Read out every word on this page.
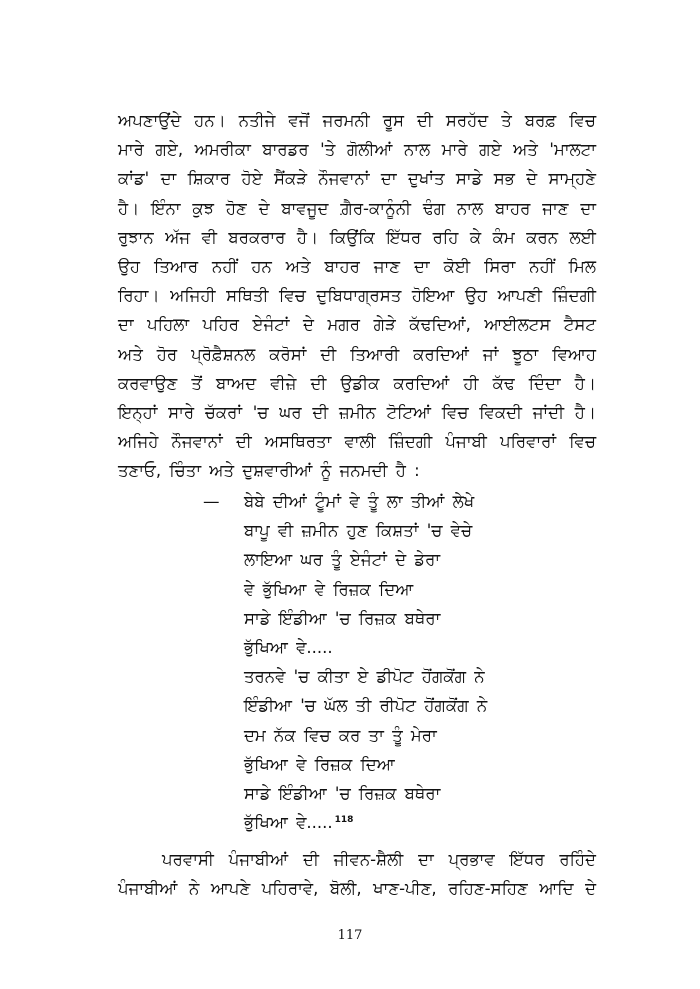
ਅਪਣਾਉਂਦੇ ਹਨ। ਨਤੀਜੇ ਵਜੋਂ ਜਰਮਨੀ ਰੂਸ ਦੀ ਸਰਹੱਦ ਤੇ ਬਰਫ਼ ਵਿਚ
ਮਾਰੇ ਗਏ, ਅਮਰੀਕਾ ਬਾਰਡਰ 'ਤੇ ਗੋਲੀਆਂ ਨਾਲ ਮਾਰੇ ਗਏ ਅਤੇ 'ਮਾਲਟਾ
ਕਾਂਡ' ਦਾ ਸ਼ਿਕਾਰ ਹੋਏ ਸੈਂਕੜੇ ਨੌਜਵਾਨਾਂ ਦਾ ਦੁਖਾਂਤ ਸਾਡੇ ਸਭ ਦੇ ਸਾਮ੍ਹਣੇ
ਹੈ। ਇੰਨਾ ਕੁਝ ਹੋਣ ਦੇ ਬਾਵਜੂਦ ਗ਼ੈਰ-ਕਾਨੂੰਨੀ ਢੰਗ ਨਾਲ ਬਾਹਰ ਜਾਣ ਦਾ
ਰੁਝਾਨ ਅੱਜ ਵੀ ਬਰਕਰਾਰ ਹੈ। ਕਿਉਂਕਿ ਇੱਧਰ ਰਹਿ ਕੇ ਕੰਮ ਕਰਨ ਲਈ
ਉਹ ਤਿਆਰ ਨਹੀਂ ਹਨ ਅਤੇ ਬਾਹਰ ਜਾਣ ਦਾ ਕੋਈ ਸਿਰਾ ਨਹੀਂ ਮਿਲ
ਰਿਹਾ। ਅਜਿਹੀ ਸਥਿਤੀ ਵਿਚ ਦੁਬਿਧਾਗ੍ਰਸਤ ਹੋਇਆ ਉਹ ਆਪਣੀ ਜ਼ਿੰਦਗੀ
ਦਾ ਪਹਿਲਾ ਪਹਿਰ ਏਜੰਟਾਂ ਦੇ ਮਗਰ ਗੇੜੇ ਕੱਢਦਿਆਂ, ਆਈਲਟਸ ਟੈਸਟ
ਅਤੇ ਹੋਰ ਪ੍ਰੋਫ਼ੈਸ਼ਨਲ ਕਰੋਸਾਂ ਦੀ ਤਿਆਰੀ ਕਰਦਿਆਂ ਜਾਂ ਝੂਠਾ ਵਿਆਹ
ਕਰਵਾਉਣ ਤੋਂ ਬਾਅਦ ਵੀਜ਼ੇ ਦੀ ਉਡੀਕ ਕਰਦਿਆਂ ਹੀ ਕੱਢ ਦਿੰਦਾ ਹੈ।
ਇਨ੍ਹਾਂ ਸਾਰੇ ਚੱਕਰਾਂ 'ਚ ਘਰ ਦੀ ਜ਼ਮੀਨ ਟੋਟਿਆਂ ਵਿਚ ਵਿਕਦੀ ਜਾਂਦੀ ਹੈ।
ਅਜਿਹੇ ਨੌਜਵਾਨਾਂ ਦੀ ਅਸਥਿਰਤਾ ਵਾਲੀ ਜ਼ਿੰਦਗੀ ਪੰਜਾਬੀ ਪਰਿਵਾਰਾਂ ਵਿਚ
ਤਣਾਓ, ਚਿੰਤਾ ਅਤੇ ਦੁਸ਼ਵਾਰੀਆਂ ਨੂੰ ਜਨਮਦੀ ਹੈ :
— ਬੇਬੇ ਦੀਆਂ ਟੂੰਮਾਂ ਵੇ ਤੂੰ ਲਾ ਤੀਆਂ ਲੇਖੇ
ਬਾਪੂ ਵੀ ਜ਼ਮੀਨ ਹੁਣ ਕਿਸ਼ਤਾਂ 'ਚ ਵੇਚੇ
ਲਾਇਆ ਘਰ ਤੂੰ ਏਜੰਟਾਂ ਦੇ ਡੇਰਾ
ਵੇ ਭੁੱਖਿਆ ਵੇ ਰਿਜ਼ਕ ਦਿਆ
ਸਾਡੇ ਇੰਡੀਆ 'ਚ ਰਿਜ਼ਕ ਬਥੇਰਾ
ਭੁੱਖਿਆ ਵੇ.....
ਤਰਨਵੇ 'ਚ ਕੀਤਾ ਏ ਡੀਪੋਟ ਹੋਂਗਕੋਂਗ ਨੇ
ਇੰਡੀਆ 'ਚ ਘੱਲ ਤੀ ਰੀਪੋਟ ਹੋਂਗਕੋਂਗ ਨੇ
ਦਮ ਨੱਕ ਵਿਚ ਕਰ ਤਾ ਤੂੰ ਮੇਰਾ
ਭੁੱਖਿਆ ਵੇ ਰਿਜ਼ਕ ਦਿਆ
ਸਾਡੇ ਇੰਡੀਆ 'ਚ ਰਿਜ਼ਕ ਬਥੇਰਾ
ਭੁੱਖਿਆ ਵੇ..... $^{118}$
ਪਰਵਾਸੀ ਪੰਜਾਬੀਆਂ ਦੀ ਜੀਵਨ-ਸ਼ੈਲੀ ਦਾ ਪ੍ਰਭਾਵ ਇੱਧਰ ਰਹਿੰਦੇ
ਪੰਜਾਬੀਆਂ ਨੇ ਆਪਣੇ ਪਹਿਰਾਵੇ, ਬੋਲੀ, ਖਾਣ-ਪੀਣ, ਰਹਿਣ-ਸਹਿਣ ਆਦਿ ਦੇ
117
